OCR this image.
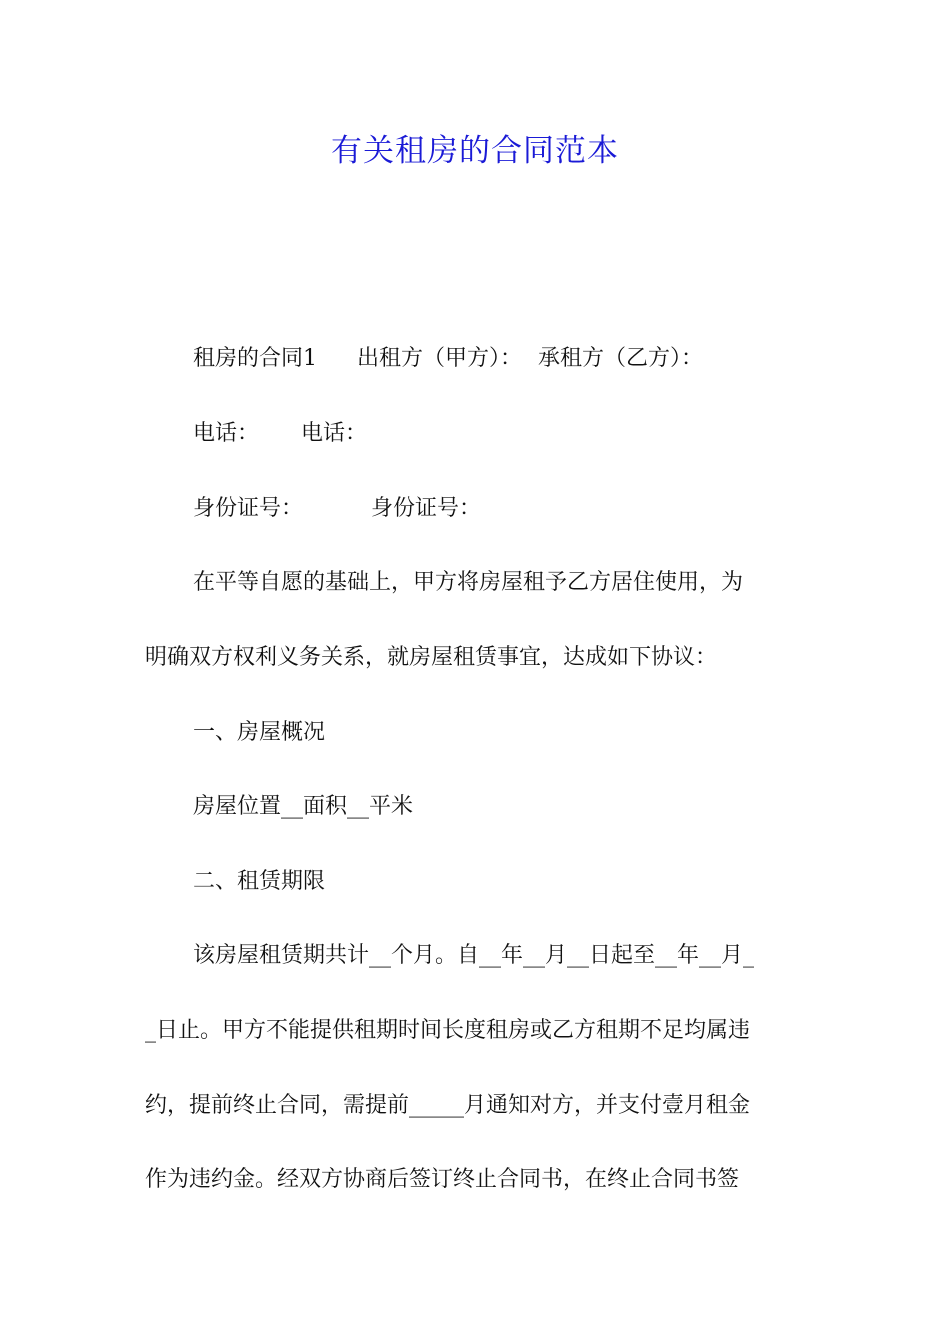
有关租房的合同范本
租房的合同1 出租方（甲方）： 承租方（乙方）：
电话： 电话：
身份证号：	身份证号：
在平等自愿的基础上，甲方将房屋租予乙方居住使用，为
明确双方权利义务关系，就房屋租赁事宜，达成如下协议：
一、房屋概况
房屋位置__面积__平米
二、租赁期限
该房屋租赁期共计__个月。自__年__月__日起至__年__月_
_日止。甲方不能提供租期时间长度租房或乙方租期不足均属违
约，提前终止合同，需提前_____月通知对方，并支付壹月租金
作为违约金。经双方协商后签订终止合同书，在终止合同书签
